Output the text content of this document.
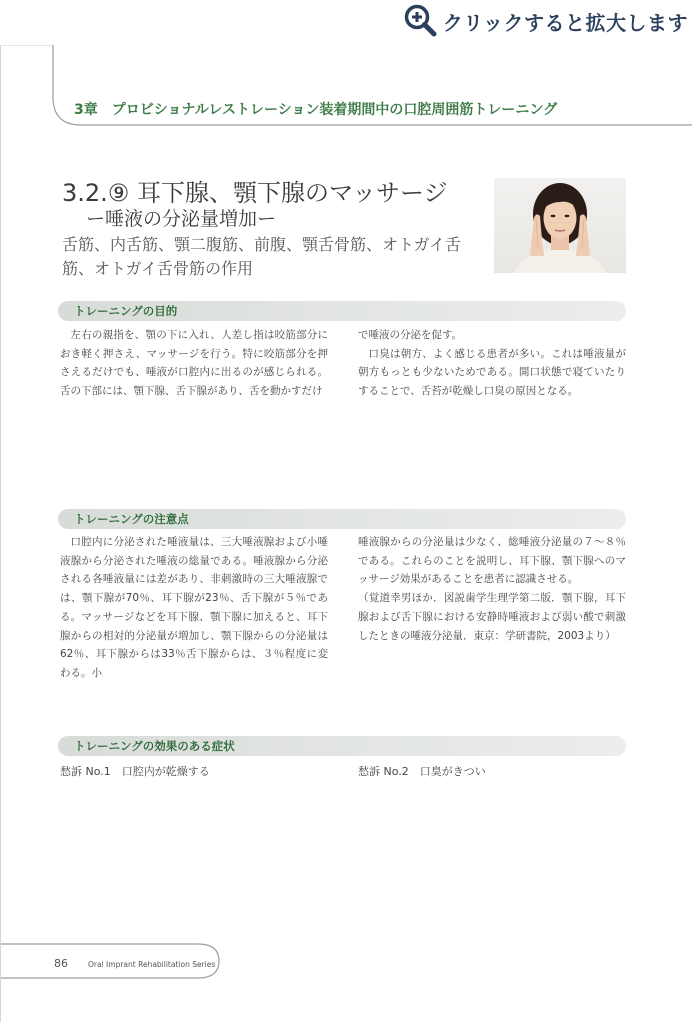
クリックすると拡大します
3章　プロビショナルレストレーション装着期間中の口腔周囲筋トレーニング
3.2.⑨ 耳下腺、顎下腺のマッサージ
ー唾液の分泌量増加ー
舌筋、内舌筋、顎二腹筋、前腹、顎舌骨筋、オトガイ舌筋、オトガイ舌骨筋の作用
トレーニングの目的

左右の親指を、顎の下に入れ、人差し指は咬筋部分におき軽く押さえ、マッサージを行う。特に咬筋部分を押さえるだけでも、唾液が口腔内に出るのが感じられる。舌の下部には、顎下腺、舌下腺があり、舌を動かすだけ

で唾液の分泌を促す。

口臭は朝方、よく感じる患者が多い。これは唾液量が朝方もっとも少ないためである。開口状態で寝ていたりすることで、舌苔が乾燥し口臭の原因となる。

トレーニングの注意点

口腔内に分泌された唾液量は、三大唾液腺および小唾液腺から分泌された唾液の総量である。唾液腺から分泌される各唾液量には差があり、非刺激時の三大唾液腺では、顎下腺が70％、耳下腺が23％、舌下腺が５％である。マッサージなどを耳下腺、顎下腺に加えると、耳下腺からの相対的分泌量が増加し、顎下腺からの分泌量は62％、耳下腺からは33％舌下腺からは、３％程度に変わる。小

唾液腺からの分泌量は少なく、総唾液分泌量の７～８％である。これらのことを説明し、耳下腺、顎下腺へのマッサージ効果があることを患者に認識させる。

（覚道幸男ほか．図説歯学生理学第二版．顎下腺，耳下腺および舌下腺における安静時唾液および弱い酸で刺激したときの唾液分泌量．東京：学研書院，2003より）

トレーニングの効果のある症状
愁訴 No.1　口腔内が乾燥する	愁訴 No.2　口臭がきつい
86	Oral Imprant Rehabilitation Series
